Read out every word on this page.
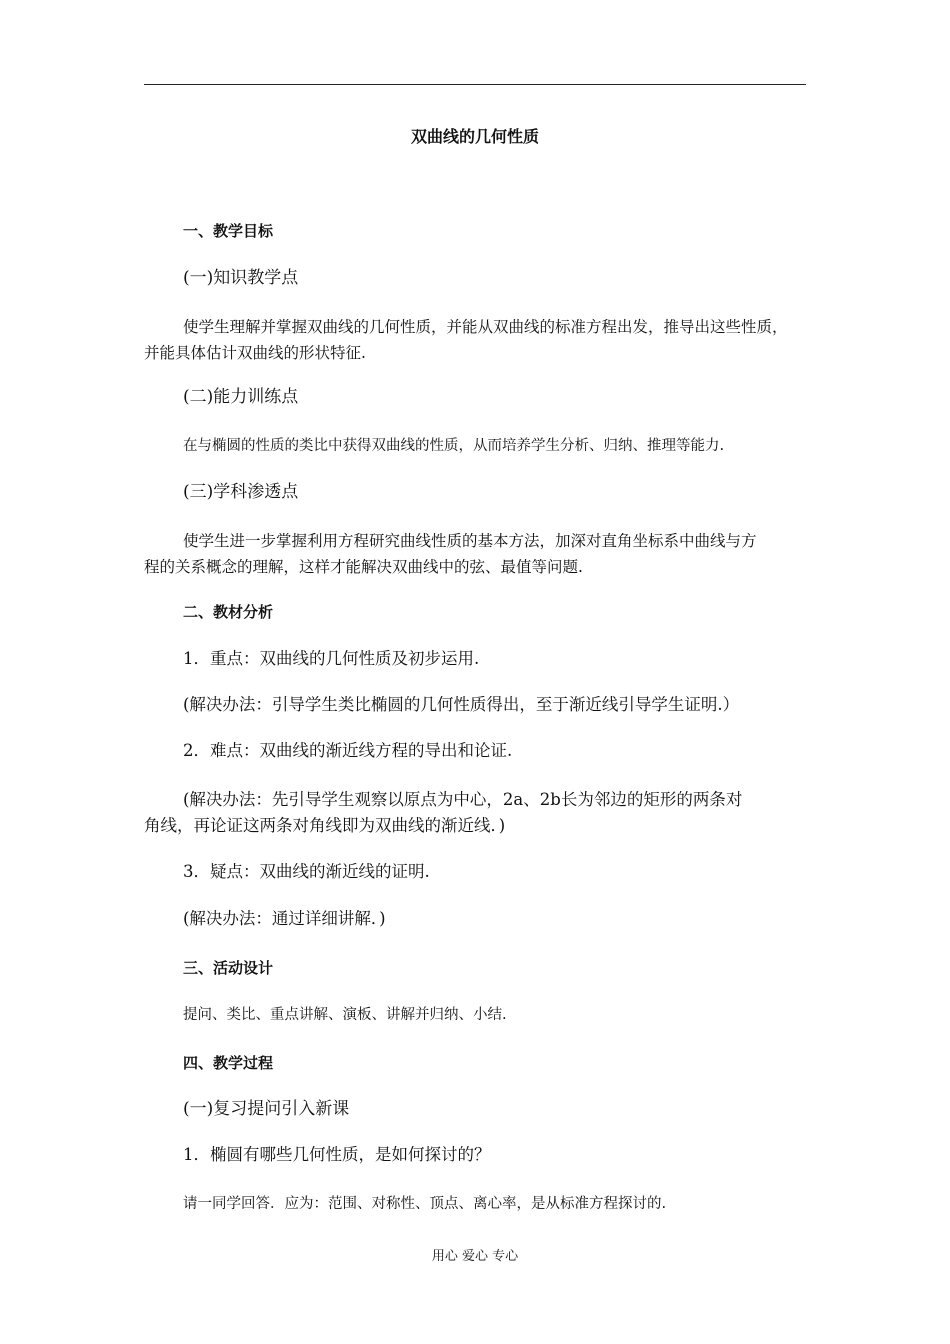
双曲线的几何性质
一、教学目标
(一)知识教学点
使学生理解并掌握双曲线的几何性质，并能从双曲线的标准方程出发，推导出这些性质，
并能具体估计双曲线的形状特征.
(二)能力训练点
在与椭圆的性质的类比中获得双曲线的性质，从而培养学生分析、归纳、推理等能力.
(三)学科渗透点
使学生进一步掌握利用方程研究曲线性质的基本方法，加深对直角坐标系中曲线与方
程的关系概念的理解，这样才能解决双曲线中的弦、最值等问题.
二、教材分析
1．重点：双曲线的几何性质及初步运用.
(解决办法：引导学生类比椭圆的几何性质得出，至于渐近线引导学生证明.）
2．难点：双曲线的渐近线方程的导出和论证.
(解决办法：先引导学生观察以原点为中心，2a、2b长为邻边的矩形的两条对
角线，再论证这两条对角线即为双曲线的渐近线．)
3．疑点：双曲线的渐近线的证明.
(解决办法：通过详细讲解．)
三、活动设计
提问、类比、重点讲解、演板、讲解并归纳、小结.
四、教学过程
(一)复习提问引入新课
1．椭圆有哪些几何性质，是如何探讨的？
请一同学回答．应为：范围、对称性、顶点、离心率，是从标准方程探讨的.
用心 爱心 专心
